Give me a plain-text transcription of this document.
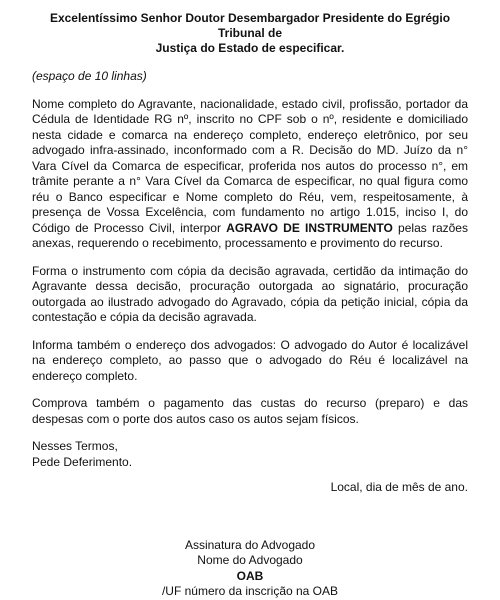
Excelentíssimo Senhor Doutor Desembargador Presidente do Egrégio Tribunal de
Justiça do Estado de especificar.
(espaço de 10 linhas)
Nome completo do Agravante, nacionalidade, estado civil, profissão, portador da Cédula de Identidade RG nº, inscrito no CPF sob o nº, residente e domiciliado nesta cidade e comarca na endereço completo, endereço eletrônico, por seu advogado infra-assinado, inconformado com a R. Decisão do MD. Juízo da n° Vara Cível da Comarca de especificar, proferida nos autos do processo n°, em trâmite perante a n° Vara Cível da Comarca de especificar, no qual figura como réu o Banco especificar e Nome completo do Réu, vem, respeitosamente, à presença de Vossa Excelência, com fundamento no artigo 1.015, inciso I, do Código de Processo Civil, interpor AGRAVO DE INSTRUMENTO pelas razões anexas, requerendo o recebimento, processamento e provimento do recurso.
Forma o instrumento com cópia da decisão agravada, certidão da intimação do Agravante dessa decisão, procuração outorgada ao signatário, procuração outorgada ao ilustrado advogado do Agravado, cópia da petição inicial, cópia da contestação e cópia da decisão agravada.
Informa também o endereço dos advogados: O advogado do Autor é localizável na endereço completo, ao passo que o advogado do Réu é localizável na endereço completo.
Comprova também o pagamento das custas do recurso (preparo) e das despesas com o porte dos autos caso os autos sejam físicos.
Nesses Termos,
Pede Deferimento.
Local, dia de mês de ano.
Assinatura do Advogado
Nome do Advogado
OAB
/UF número da inscrição na OAB
